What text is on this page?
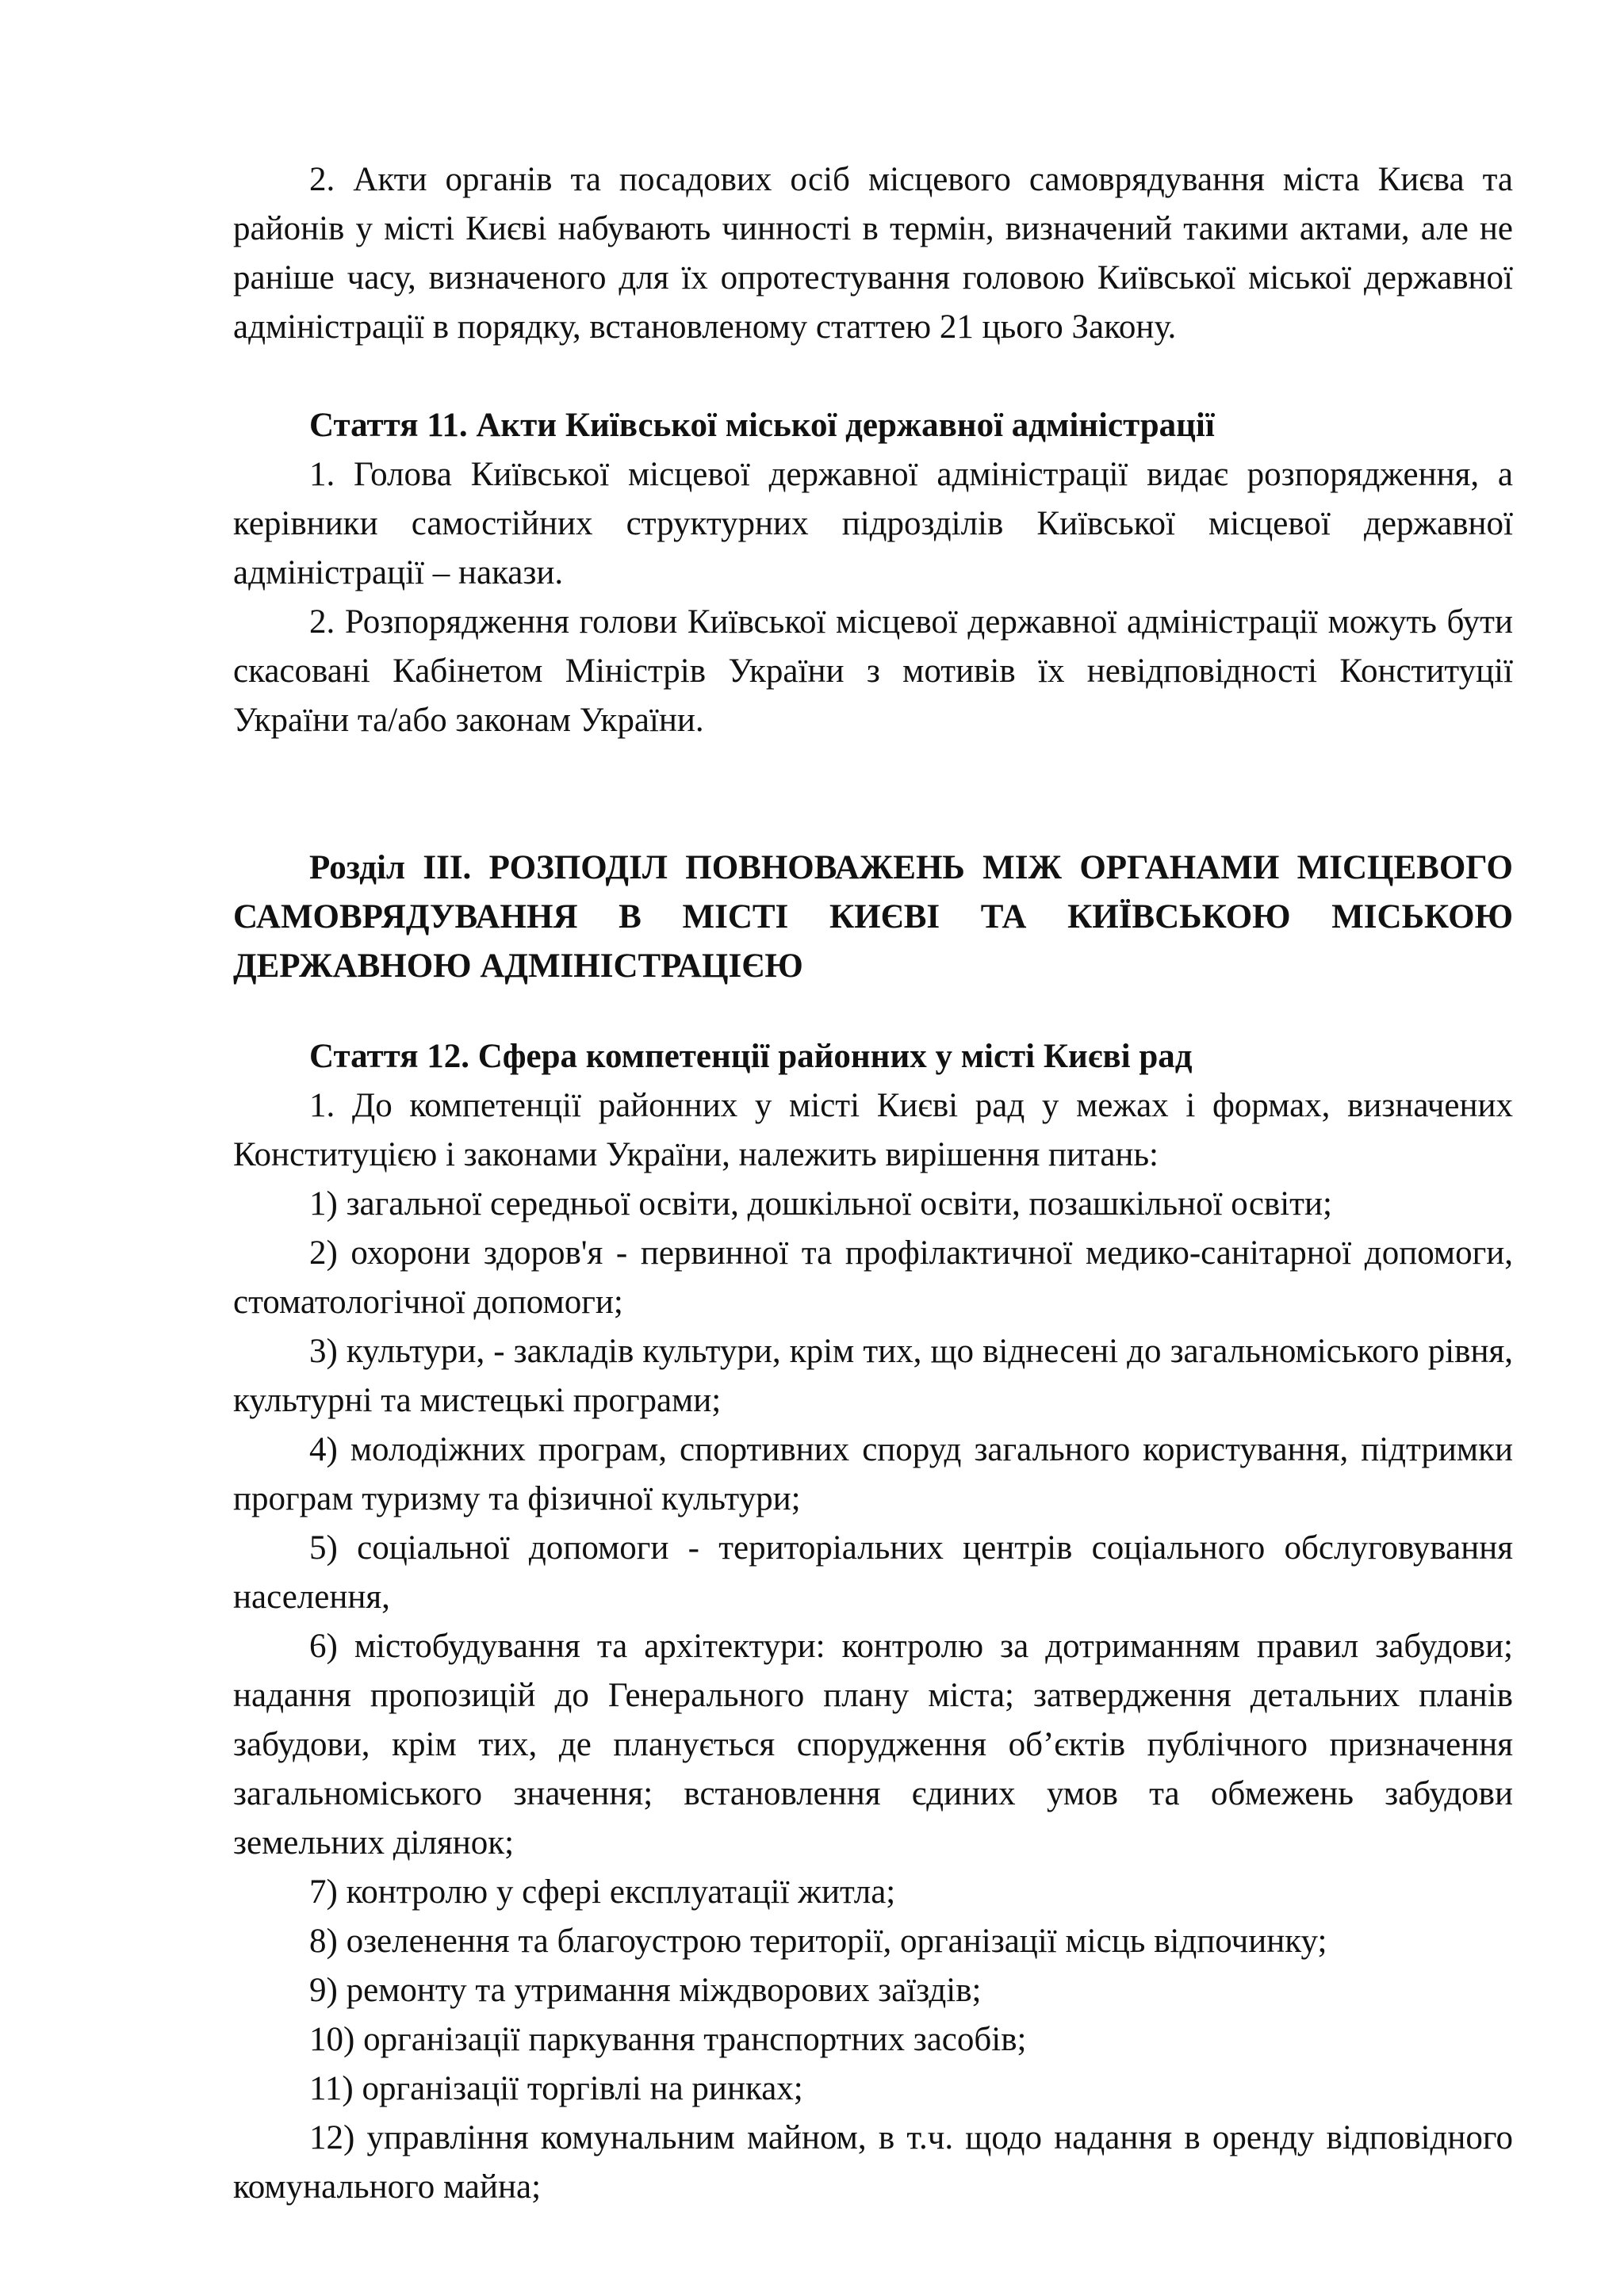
2. Акти органів та посадових осіб місцевого самоврядування міста Києва та районів у місті Києві набувають чинності в термін, визначений такими актами, але не раніше часу, визначеного для їх опротестування головою Київської міської державної адміністрації в порядку, встановленому статтею 21 цього Закону.

Стаття 11. Акти Київської міської державної адміністрації

1. Голова Київської місцевої державної адміністрації видає розпорядження, а керівники самостійних структурних підрозділів Київської місцевої державної адміністрації – накази.

2. Розпорядження голови Київської місцевої державної адміністрації можуть бути скасовані Кабінетом Міністрів України з мотивів їх невідповідності Конституції України та/або законам України.

Розділ ІІІ. РОЗПОДІЛ ПОВНОВАЖЕНЬ МІЖ ОРГАНАМИ МІСЦЕВОГО САМОВРЯДУВАННЯ В МІСТІ КИЄВІ ТА КИЇВСЬКОЮ МІСЬКОЮ ДЕРЖАВНОЮ АДМІНІСТРАЦІЄЮ

Стаття 12. Сфера компетенції районних у місті Києві рад

1. До компетенції районних у місті Києві рад у межах і формах, визначених Конституцією і законами України, належить вирішення питань:

1) загальної середньої освіти, дошкільної освіти, позашкільної освіти;

2) охорони здоров'я - первинної та профілактичної медико-санітарної допомоги, стоматологічної допомоги;

3) культури, - закладів культури, крім тих, що віднесені до загальноміського рівня, культурні та мистецькі програми;

4) молодіжних програм, спортивних споруд загального користування, підтримки програм туризму та фізичної культури;

5) соціальної допомоги - територіальних центрів соціального обслуговування населення,

6) містобудування та архітектури: контролю за дотриманням правил забудови; надання пропозицій до Генерального плану міста; затвердження детальних планів забудови, крім тих, де планується спорудження об’єктів публічного призначення загальноміського значення; встановлення єдиних умов та обмежень забудови земельних ділянок;

7) контролю у сфері експлуатації житла;

8) озеленення та благоустрою території, організації місць відпочинку;

9) ремонту та утримання міждворових заїздів;

10) організації паркування транспортних засобів;

11) організації торгівлі на ринках;

12) управління комунальним майном, в т.ч. щодо надання в оренду відповідного комунального майна;
